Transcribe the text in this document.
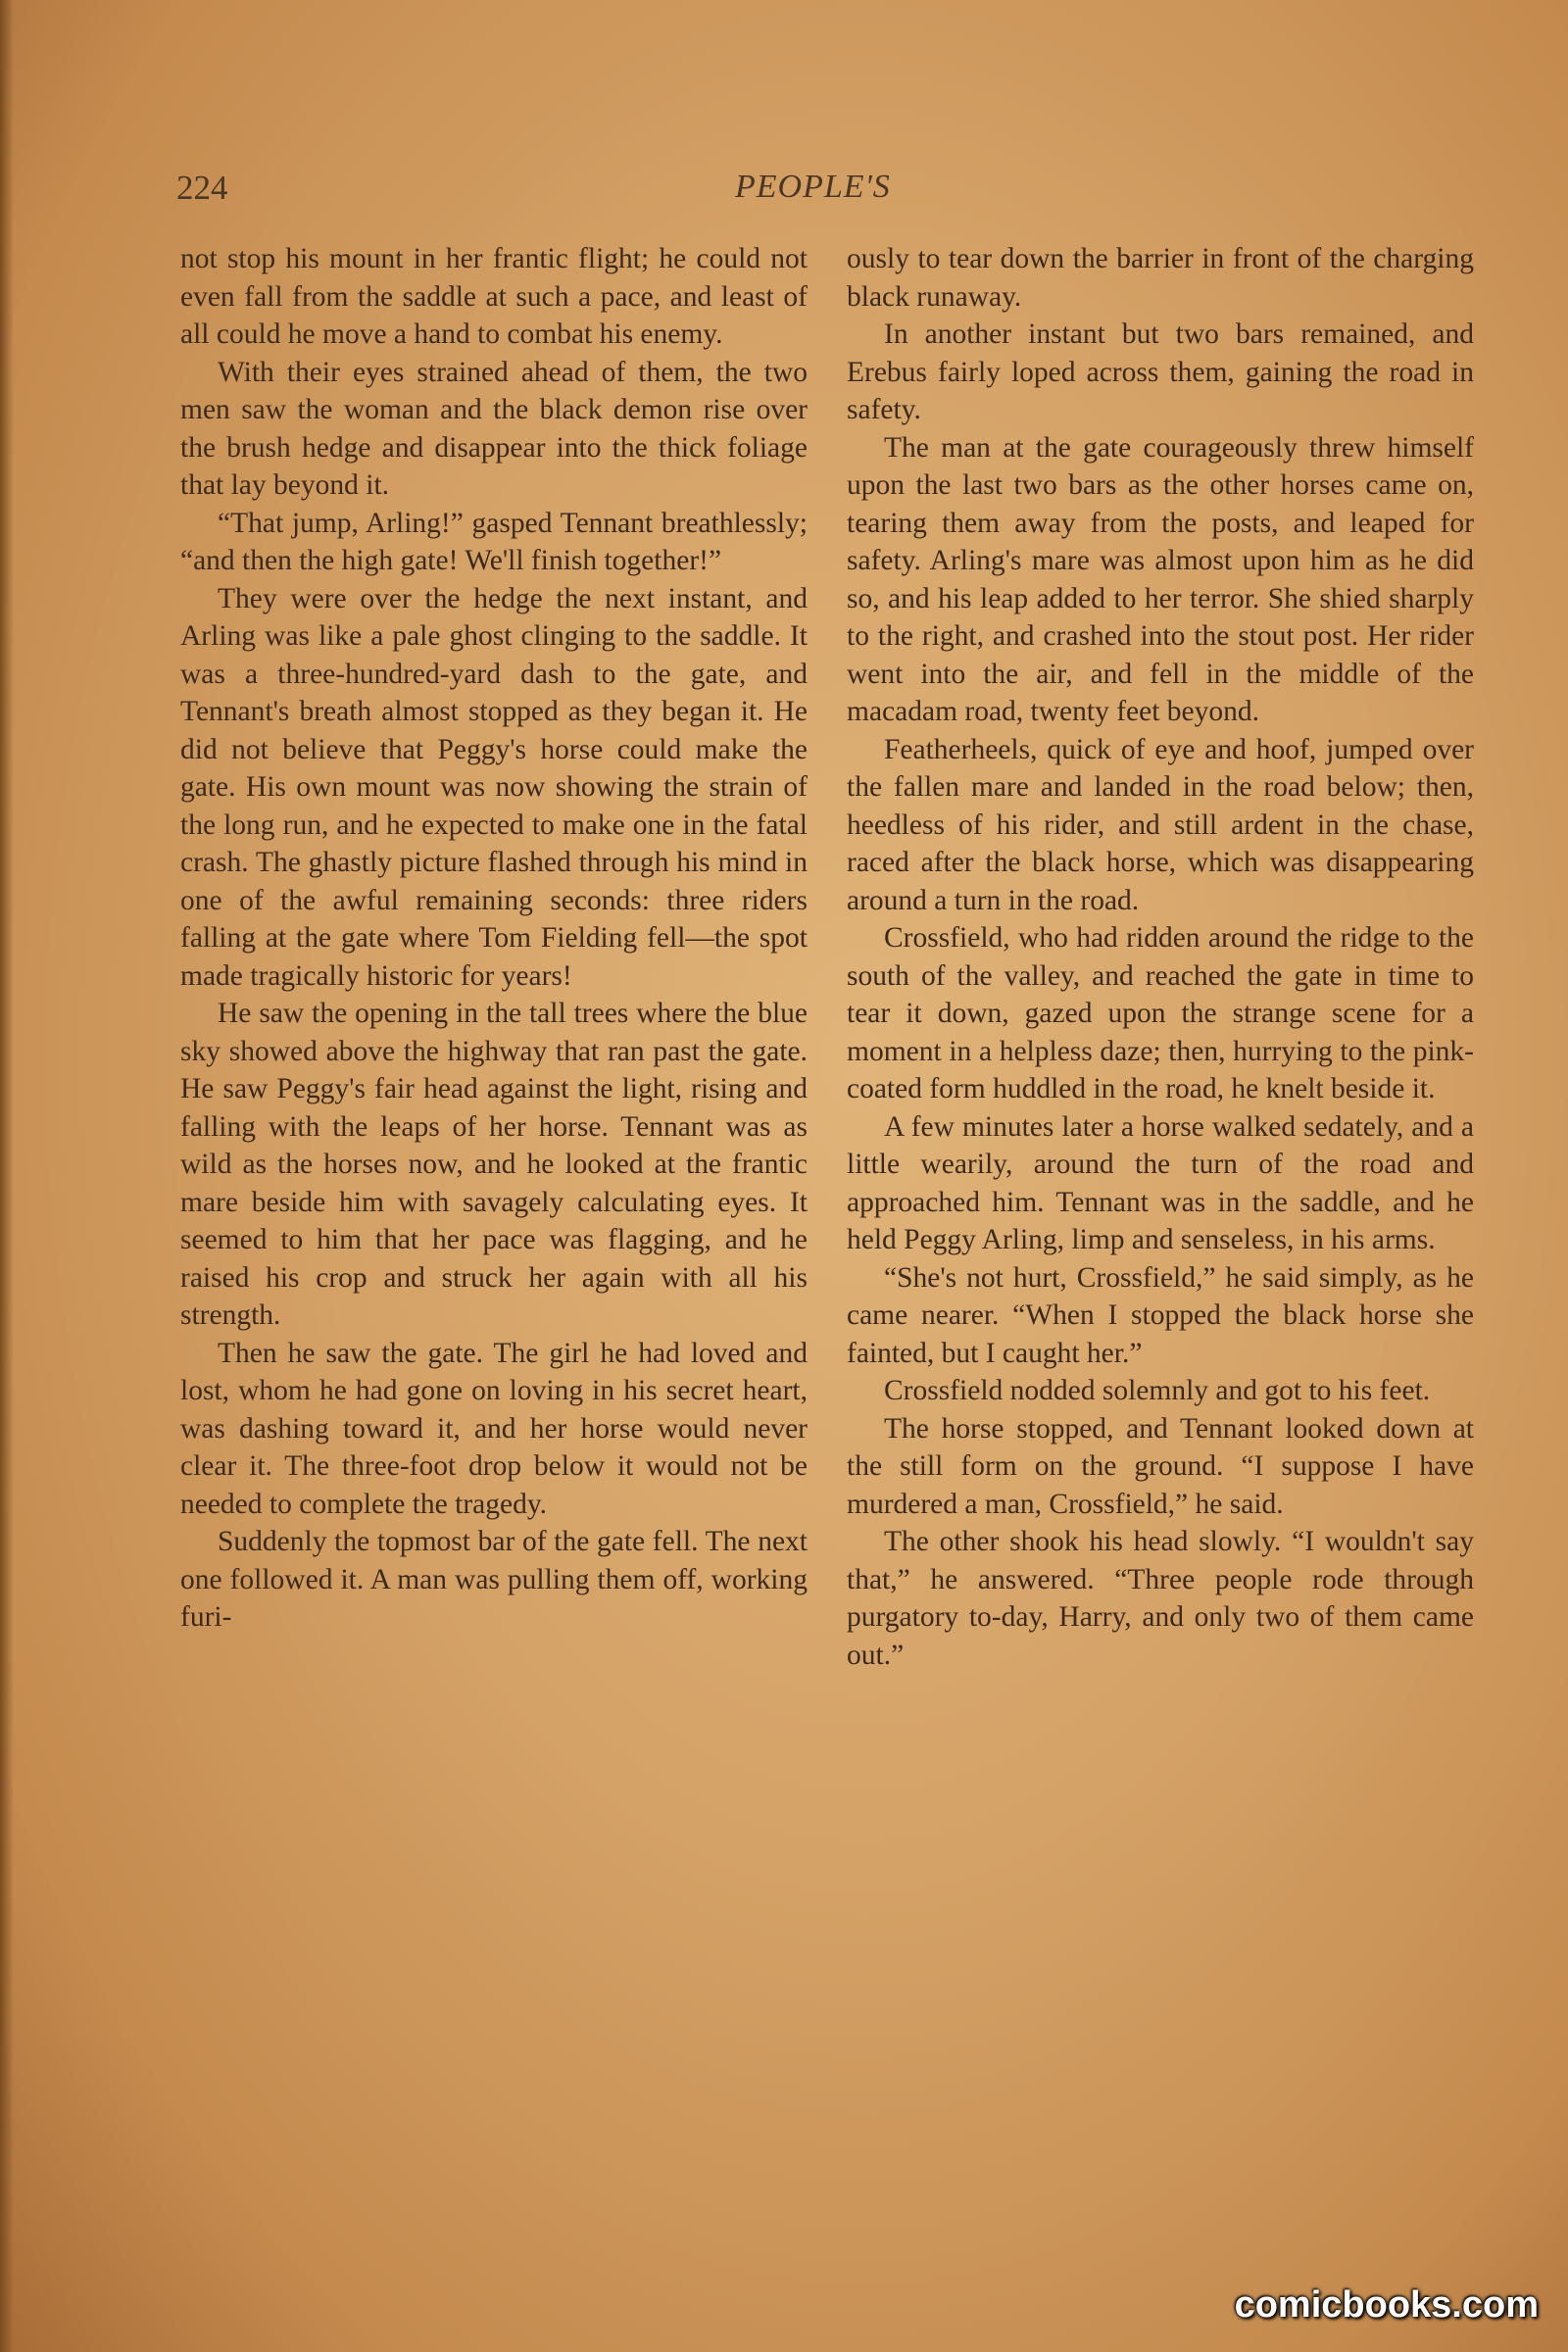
224	PEOPLE'S

not stop his mount in her frantic flight; he could not even fall from the saddle at such a pace, and least of all could he move a hand to combat his enemy.

With their eyes strained ahead of them, the two men saw the woman and the black demon rise over the brush hedge and disappear into the thick foliage that lay beyond it.

“That jump, Arling!” gasped Tennant breathlessly; “and then the high gate! We'll finish together!”

They were over the hedge the next instant, and Arling was like a pale ghost clinging to the saddle. It was a three-hundred-yard dash to the gate, and Tennant's breath almost stopped as they began it. He did not believe that Peggy's horse could make the gate. His own mount was now showing the strain of the long run, and he expected to make one in the fatal crash. The ghastly picture flashed through his mind in one of the awful remaining seconds: three riders falling at the gate where Tom Fielding fell—the spot made tragically historic for years!

He saw the opening in the tall trees where the blue sky showed above the highway that ran past the gate. He saw Peggy's fair head against the light, rising and falling with the leaps of her horse. Tennant was as wild as the horses now, and he looked at the frantic mare beside him with savagely calculating eyes. It seemed to him that her pace was flagging, and he raised his crop and struck her again with all his strength.

Then he saw the gate. The girl he had loved and lost, whom he had gone on loving in his secret heart, was dashing toward it, and her horse would never clear it. The three-foot drop below it would not be needed to complete the tragedy.

Suddenly the topmost bar of the gate fell. The next one followed it. A man was pulling them off, working furi-

ously to tear down the barrier in front of the charging black runaway.

In another instant but two bars remained, and Erebus fairly loped across them, gaining the road in safety.

The man at the gate courageously threw himself upon the last two bars as the other horses came on, tearing them away from the posts, and leaped for safety. Arling's mare was almost upon him as he did so, and his leap added to her terror. She shied sharply to the right, and crashed into the stout post. Her rider went into the air, and fell in the middle of the macadam road, twenty feet beyond.

Featherheels, quick of eye and hoof, jumped over the fallen mare and landed in the road below; then, heedless of his rider, and still ardent in the chase, raced after the black horse, which was disappearing around a turn in the road.

Crossfield, who had ridden around the ridge to the south of the valley, and reached the gate in time to tear it down, gazed upon the strange scene for a moment in a helpless daze; then, hurrying to the pink-coated form huddled in the road, he knelt beside it.

A few minutes later a horse walked sedately, and a little wearily, around the turn of the road and approached him. Tennant was in the saddle, and he held Peggy Arling, limp and senseless, in his arms.

“She's not hurt, Crossfield,” he said simply, as he came nearer. “When I stopped the black horse she fainted, but I caught her.”

Crossfield nodded solemnly and got to his feet.

The horse stopped, and Tennant looked down at the still form on the ground. “I suppose I have murdered a man, Crossfield,” he said.

The other shook his head slowly. “I wouldn't say that,” he answered. “Three people rode through purgatory to-day, Harry, and only two of them came out.”

comicbooks.com
